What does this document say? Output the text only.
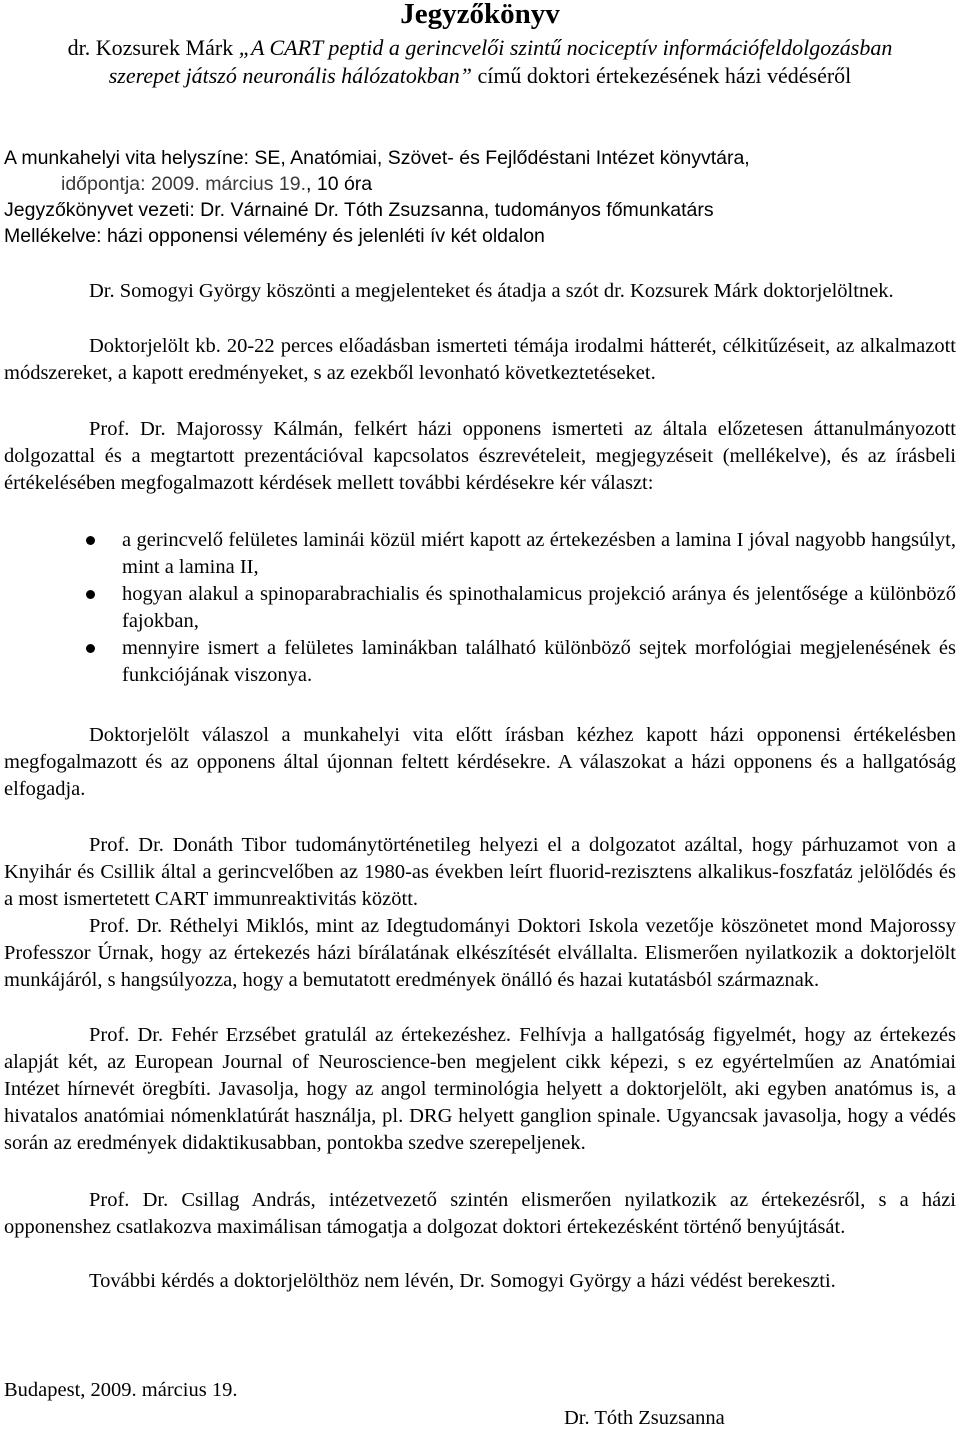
Jegyzőkönyv
dr. Kozsurek Márk „A CART peptid a gerincvelői szintű nociceptív információfeldolgozásban
szerepet játszó neuronális hálózatokban” című doktori értekezésének házi védéséről
A munkahelyi vita helyszíne: SE, Anatómiai, Szövet- és Fejlődéstani Intézet könyvtára,
időpontja: 2009. március 19., 10 óra
Jegyzőkönyvet vezeti: Dr. Várnainé Dr. Tóth Zsuzsanna, tudományos főmunkatárs
Mellékelve: házi opponensi vélemény és jelenléti ív két oldalon

Dr. Somogyi György köszönti a megjelenteket és átadja a szót dr. Kozsurek Márk doktorjelöltnek.

Doktorjelölt kb. 20-22 perces előadásban ismerteti témája irodalmi hátterét, célkitűzéseit, az alkalmazott módszereket, a kapott eredményeket, s az ezekből levonható következtetéseket.

Prof. Dr. Majorossy Kálmán, felkért házi opponens ismerteti az általa előzetesen áttanulmányozott dolgozattal és a megtartott prezentációval kapcsolatos észrevételeit, megjegyzéseit (mellékelve), és az írásbeli értékelésében megfogalmazott kérdések mellett további kérdésekre kér választ:

a gerincvelő felületes laminái közül miért kapott az értekezésben a lamina I jóval nagyobb hangsúlyt, mint a lamina II,
hogyan alakul a spinoparabrachialis és spinothalamicus projekció aránya és jelentősége a különböző fajokban,
mennyire ismert a felületes laminákban található különböző sejtek morfológiai megjelenésének és funkciójának viszonya.

Doktorjelölt válaszol a munkahelyi vita előtt írásban kézhez kapott házi opponensi értékelésben megfogalmazott és az opponens által újonnan feltett kérdésekre. A válaszokat a házi opponens és a hallgatóság elfogadja.

Prof. Dr. Donáth Tibor tudománytörténetileg helyezi el a dolgozatot azáltal, hogy párhuzamot von a Knyihár és Csillik által a gerincvelőben az 1980-as években leírt fluorid-rezisztens alkalikus-foszfatáz jelölődés és a most ismertetett CART immunreaktivitás között.

Prof. Dr. Réthelyi Miklós, mint az Idegtudományi Doktori Iskola vezetője köszönetet mond Majorossy Professzor Úrnak, hogy az értekezés házi bírálatának elkészítését elvállalta. Elismerően nyilatkozik a doktorjelölt munkájáról, s hangsúlyozza, hogy a bemutatott eredmények önálló és hazai kutatásból származnak.

Prof. Dr. Fehér Erzsébet gratulál az értekezéshez. Felhívja a hallgatóság figyelmét, hogy az értekezés alapját két, az European Journal of Neuroscience-ben megjelent cikk képezi, s ez egyértelműen az Anatómiai Intézet hírnevét öregbíti. Javasolja, hogy az angol terminológia helyett a doktorjelölt, aki egyben anatómus is, a hivatalos anatómiai nómenklatúrát használja, pl. DRG helyett ganglion spinale. Ugyancsak javasolja, hogy a védés során az eredmények didaktikusabban, pontokba szedve szerepeljenek.

Prof. Dr. Csillag András, intézetvezető szintén elismerően nyilatkozik az értekezésről, s a házi opponenshez csatlakozva maximálisan támogatja a dolgozat doktori értekezésként történő benyújtását.

További kérdés a doktorjelölthöz nem lévén, Dr. Somogyi György a házi védést berekeszti.

Budapest, 2009. március 19.
Dr. Tóth Zsuzsanna
